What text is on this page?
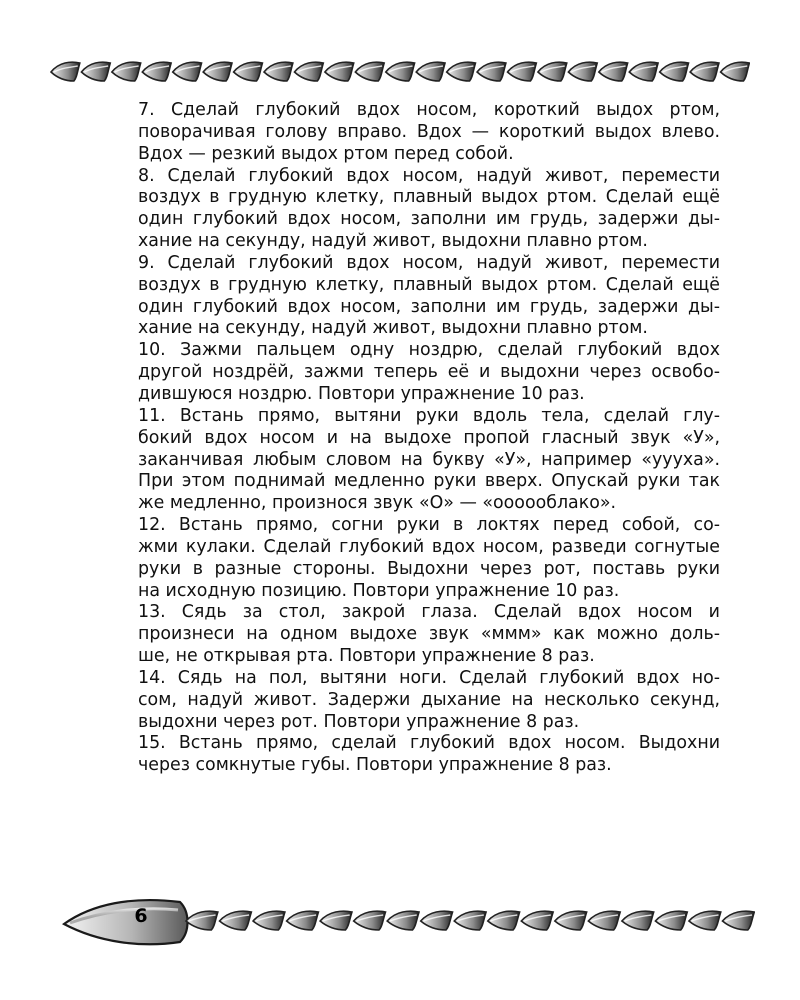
7. Сделай глубокий вдох носом, короткий выдох ртом,
поворачивая голову вправо. Вдох — короткий выдох влево.
Вдох — резкий выдох ртом перед собой.

8. Сделай глубокий вдох носом, надуй живот, перемести
воздух в грудную клетку, плавный выдох ртом. Сделай ещё
один глубокий вдох носом, заполни им грудь, задержи ды-
хание на секунду, надуй живот, выдохни плавно ртом.

9. Сделай глубокий вдох носом, надуй живот, перемести
воздух в грудную клетку, плавный выдох ртом. Сделай ещё
один глубокий вдох носом, заполни им грудь, задержи ды-
хание на секунду, надуй живот, выдохни плавно ртом.

10. Зажми пальцем одну ноздрю, сделай глубокий вдох
другой ноздрёй, зажми теперь её и выдохни через освобо-
дившуюся ноздрю. Повтори упражнение 10 раз.

11. Встань прямо, вытяни руки вдоль тела, сделай глу-
бокий вдох носом и на выдохе пропой гласный звук «У»,
заканчивая любым словом на букву «У», например «уууха».
При этом поднимай медленно руки вверх. Опускай руки так
же медленно, произнося звук «О» — «оооооблако».

12. Встань прямо, согни руки в локтях перед собой, со-
жми кулаки. Сделай глубокий вдох носом, разведи согнутые
руки в разные стороны. Выдохни через рот, поставь руки
на исходную позицию. Повтори упражнение 10 раз.

13. Сядь за стол, закрой глаза. Сделай вдох носом и
произнеси на одном выдохе звук «ммм» как можно доль-
ше, не открывая рта. Повтори упражнение 8 раз.

14. Сядь на пол, вытяни ноги. Сделай глубокий вдох но-
сом, надуй живот. Задержи дыхание на несколько секунд,
выдохни через рот. Повтори упражнение 8 раз.

15. Встань прямо, сделай глубокий вдох носом. Выдохни
через сомкнутые губы. Повтори упражнение 8 раз.

6
